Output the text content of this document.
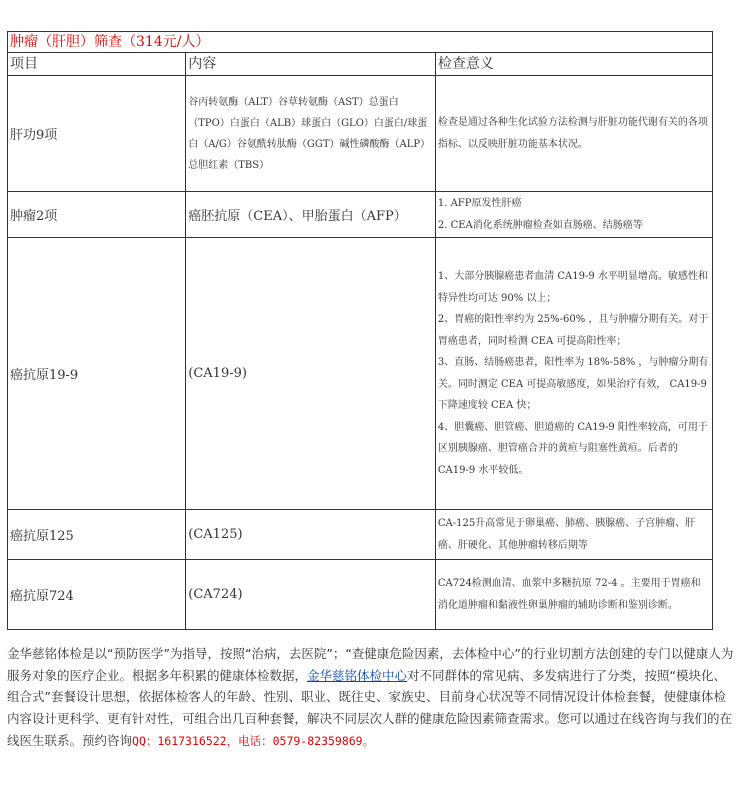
肿瘤（肝胆）筛查（314元/人）		
项目	内容	检查意义
肝功9项	谷丙转氨酶（ALT）谷草转氨酶（AST）总蛋白（TPO）白蛋白（ALB）球蛋白（GLO）白蛋白/球蛋白（A/G）谷氨酰转肽酶（GGT）碱性磷酸酶（ALP）总胆红素（TBS）	检查是通过各种生化试验方法检测与肝脏功能代谢有关的各项指标、以反映肝脏功能基本状况。

肿瘤2项	癌胚抗原（CEA）、甲胎蛋白（AFP）	1. AFP原发性肝癌
2. CEA消化系统肿瘤检查如直肠癌、结肠癌等

癌抗原19-9	(CA19-9)	1、大部分胰腺癌患者血清 CA19-9 水平明显增高。敏感性和特异性均可达 90% 以上；
2、胃癌的阳性率约为 25%-60% ，且与肿瘤分期有关。对于胃癌患者，同时检测 CEA 可提高阳性率；
3、直肠、结肠癌患者，阳性率为 18%-58% ，与肿瘤分期有关。同时测定 CEA 可提高敏感度，如果治疗有效， CA19-9 下降速度较 CEA 快；
4、胆囊癌、胆管癌、胆道癌的 CA19-9 阳性率较高，可用于区别胰腺癌、胆管癌合并的黄疸与阻塞性黄疸。后者的 CA19-9 水平较低。

癌抗原125	(CA125)	CA-125升高常见于卵巢癌、肺癌、胰腺癌、子宫肿瘤、肝癌、肝硬化、其他肿瘤转移后期等

癌抗原724	(CA724)	CA724检测血清、血浆中多糖抗原 72-4 。主要用于胃癌和消化道肿瘤和黏液性卵巢肿瘤的辅助诊断和鉴别诊断。
金华慈铭体检是以“预防医学”为指导，按照“治病，去医院”；“查健康危险因素，去体检中心”的行业切割方法创建的专门以健康人为服务对象的医疗企业。根据多年积累的健康体检数据，金华慈铭体检中心对不同群体的常见病、多发病进行了分类，按照“模块化、组合式”套餐设计思想，依据体检客人的年龄、性别、职业、既往史、家族史、目前身心状况等不同情况设计体检套餐，使健康体检内容设计更科学、更有针对性，可组合出几百种套餐，解决不同层次人群的健康危险因素筛查需求。您可以通过在线咨询与我们的在线医生联系。预约咨询QQ：1617316522，电话：0579-82359869。
